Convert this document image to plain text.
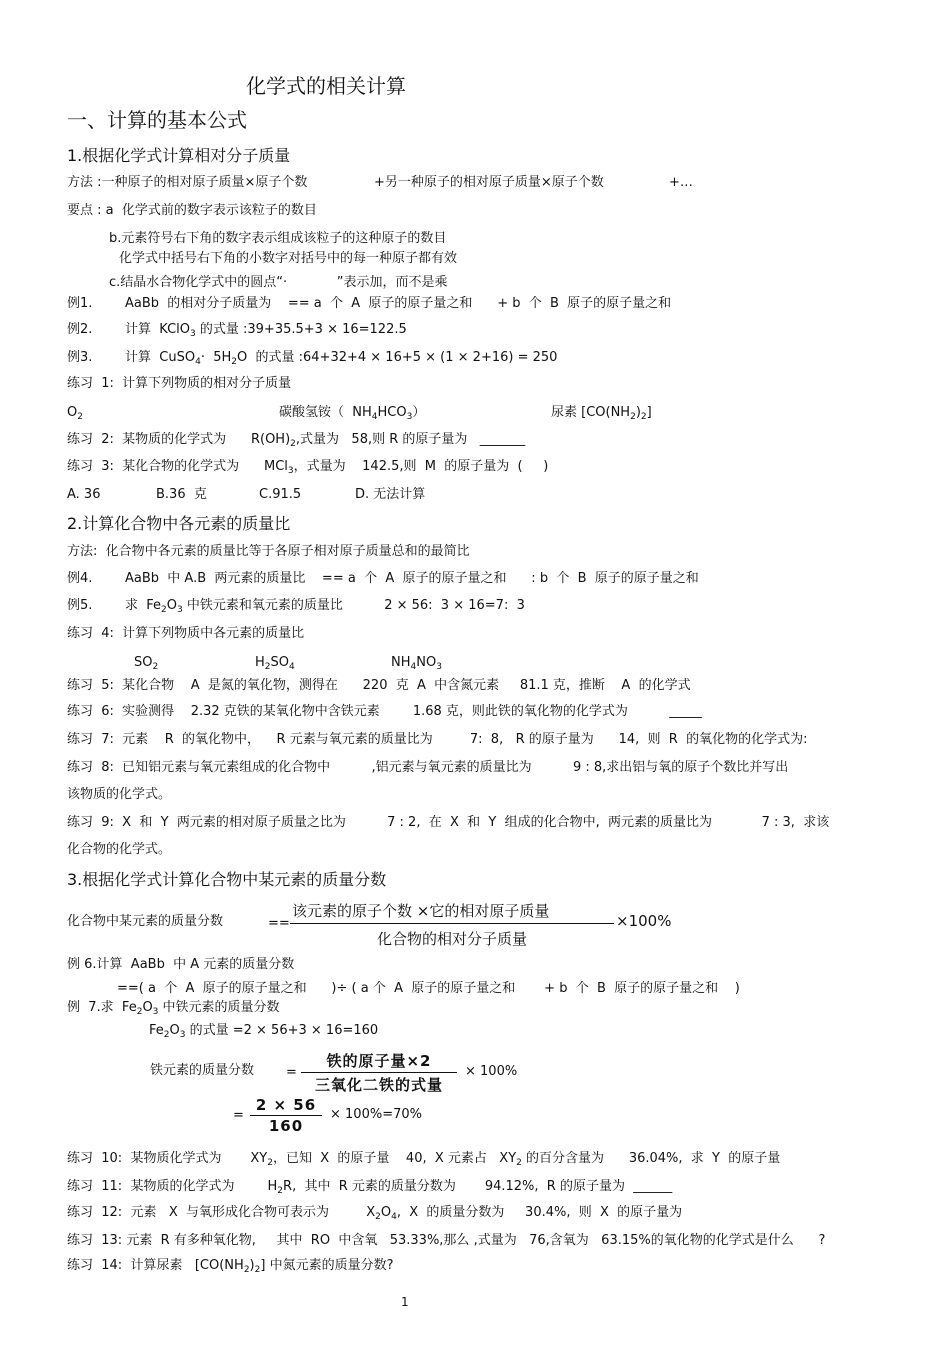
化学式的相关计算
一、计算的基本公式
1.根据化学式计算相对分子质量
方法 :一种原子的相对原子质量×原子个数	+另一种原子的相对原子质量×原子个数	+…
要点 : a  化学式前的数字表示该粒子的数目
b.元素符号右下角的数字表示组成该粒子的这种原子的数目
化学式中括号右下角的小数字对括号中的每一种原子都有效
c.结晶水合物化学式中的圆点“·            ”表示加，而不是乘
例1.	AaBb  的相对分子质量为    == a  个  A  原子的原子量之和      + b  个  B  原子的原子量之和
例2.	计算  KClO$_3$ 的式量 :39+35.5+3 × 16=122.5
例3.	计算  CuSO$_4$·  $5H_2O$  的式量 :64+32+4 × 16+5 × (1 × 2+16) = 250
练习  1:  计算下列物质的相对分子质量
$O_2$	碳酸氢铵（  $NH_4HCO_3$）	尿素 $[CO(NH_2)_2]$
练习  2:  某物质的化学式为      $R(OH)_2$,式量为   58,则 R 的原子量为   _______
练习  3:  某化合物的化学式为      MCl$_3$，式量为    142.5,则  M  的原子量为  (     )
A. 36	B.36  克	C.91.5	D. 无法计算
2.计算化合物中各元素的质量比
方法:  化合物中各元素的质量比等于各原子相对原子质量总和的最简比
例4.	AaBb  中 A.B  两元素的质量比    == a  个  A  原子的原子量之和      : b  个  B  原子的原子量之和
例5.	求  $Fe_2O_3$ 中铁元素和氧元素的质量比          2 × 56:  3 × 16=7:  3
练习  4:  计算下列物质中各元素的质量比
$SO_2$	$H_2SO_4$	$NH_4NO_3$
练习  5:  某化合物    A  是氮的氧化物，测得在      220  克  A  中含氮元素     81.1 克，推断    A  的化学式
练习  6:  实验测得    2.32 克铁的某氧化物中含铁元素        1.68 克，则此铁的氧化物的化学式为          _____
练习  7:  元素    R  的氧化物中，    R 元素与氧元素的质量比为         7:  8,   R 的原子量为      14,  则  R  的氧化物的化学式为:
练习  8:  已知铝元素与氧元素组成的化合物中          ,铝元素与氧元素的质量比为          9 : 8,求出铝与氧的原子个数比并写出
该物质的化学式。
练习  9:  X  和  Y  两元素的相对原子质量之比为          7 : 2,  在  X  和  Y  组成的化合物中,  两元素的质量比为            7 : 3,  求该
化合物的化学式。
3.根据化学式计算化合物中某元素的质量分数
化合物中某元素的质量分数	==
该元素的原子个数 ×它的相对原子质量
化合物的相对分子质量
×100%
例 6.计算  AaBb  中 A 元素的质量分数
==( a  个  A  原子的原子量之和      )÷ ( a 个  A  原子的原子量之和       + b  个  B  原子的原子量之和    )
例  7.求  $Fe_2O_3$ 中铁元素的质量分数
$Fe_2O_3$ 的式量 =2 × 56+3 × 16=160
铁元素的质量分数 =
铁的原子量×2
三氧化二铁的式量
× 100%
= $\frac{2 \times 56}{160} \times 100\%=70\%$
练习  10:  某物质化学式为       $XY_2$，已知  X  的原子量    40,  X 元素占   $XY_2$ 的百分含量为      36.04%,  求  Y  的原子量
练习  11:  某物质的化学式为        $H_2R$,  其中  R 元素的质量分数为       94.12%,  R 的原子量为  ______
练习  12:  元素   X  与氧形成化合物可表示为         $X_2O_4$,  X  的质量分数为     30.4%,  则  X  的原子量为
练习  13: 元素  R 有多种氧化物,     其中  RO  中含氧   53.33%,那么 ,式量为   76,含氧为   63.15%的氧化物的化学式是什么      ?
练习  14:  计算尿素   $[CO(NH_2)_2]$ 中氮元素的质量分数?
1
